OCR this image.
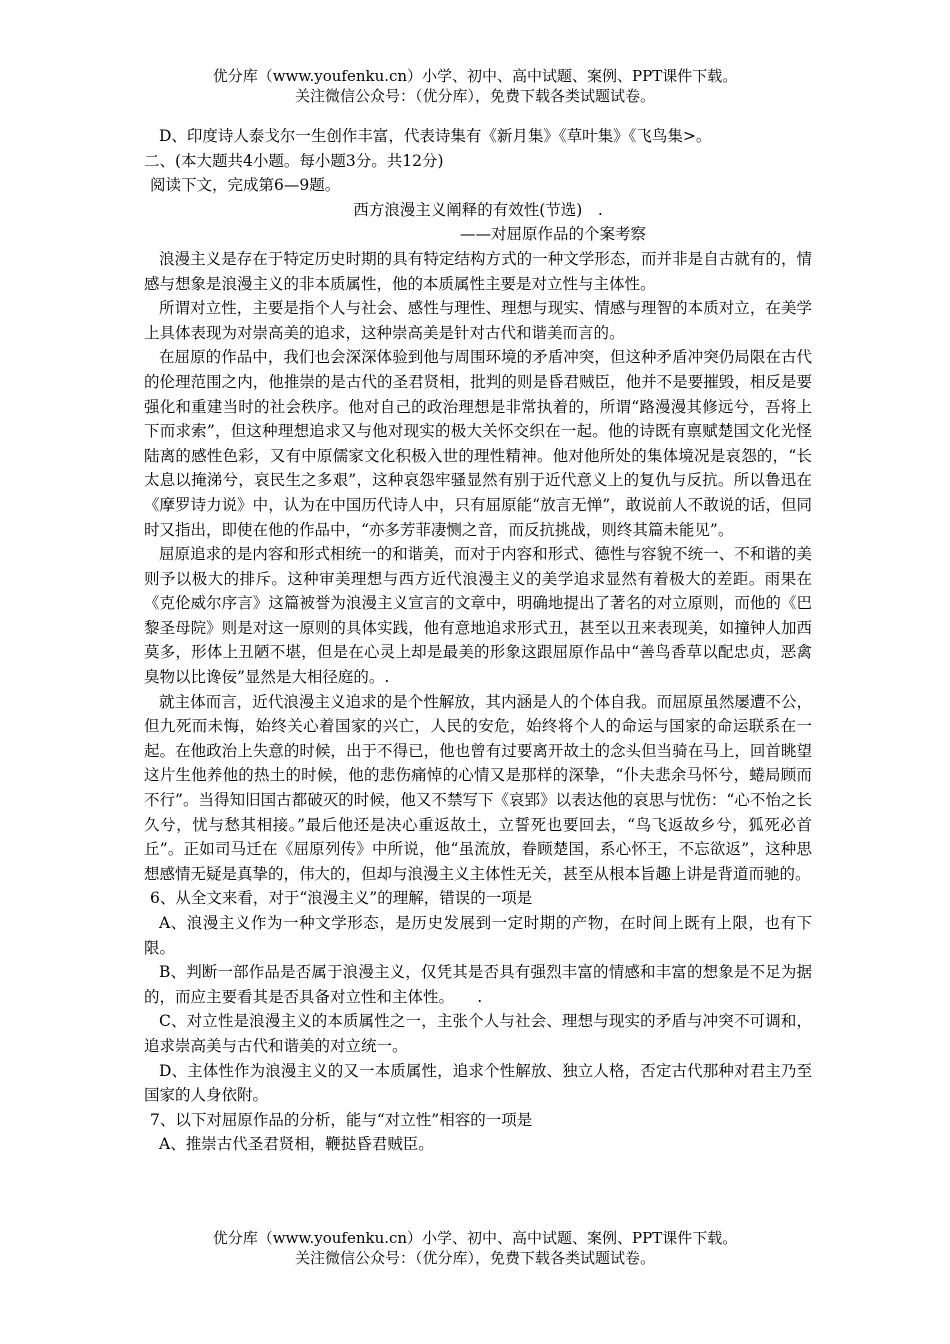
优分库（www.youfenku.cn）小学、初中、高中试题、案例、PPT课件下载。
关注微信公众号：（优分库），免费下载各类试题试卷。

D、印度诗人泰戈尔一生创作丰富，代表诗集有《新月集》《草叶集》《飞鸟集>。

二、(本大题共4小题。每小题3分。共12分)

阅读下文，完成第6—9题。

西方浪漫主义阐释的有效性(节选)　.

——对屈原作品的个案考察

浪漫主义是存在于特定历史时期的具有特定结构方式的一种文学形态，而并非是自古就有的，情感与想象是浪漫主义的非本质属性，他的本质属性主要是对立性与主体性。

所谓对立性，主要是指个人与社会、感性与理性、理想与现实、情感与理智的本质对立，在美学上具体表现为对崇高美的追求，这种崇高美是针对古代和谐美而言的。

在屈原的作品中，我们也会深深体验到他与周围环境的矛盾冲突，但这种矛盾冲突仍局限在古代的伦理范围之内，他推崇的是古代的圣君贤相，批判的则是昏君贼臣，他并不是要摧毁，相反是要强化和重建当时的社会秩序。他对自己的政治理想是非常执着的，所谓“路漫漫其修远兮，吾将上下而求索”，但这种理想追求又与他对现实的极大关怀交织在一起。他的诗既有禀赋楚国文化光怪陆离的感性色彩，又有中原儒家文化积极入世的理性精神。他对他所处的集体境况是哀怨的，“长太息以掩涕兮，哀民生之多艰”，这种哀怨牢骚显然有别于近代意义上的复仇与反抗。所以鲁迅在《摩罗诗力说》中，认为在中国历代诗人中，只有屈原能“放言无惮”，敢说前人不敢说的话，但同时又指出，即使在他的作品中，“亦多芳菲凄恻之音，而反抗挑战，则终其篇未能见”。

屈原追求的是内容和形式相统一的和谐美，而对于内容和形式、德性与容貌不统一、不和谐的美则予以极大的排斥。这种审美理想与西方近代浪漫主义的美学追求显然有着极大的差距。雨果在《克伦威尔序言》这篇被誉为浪漫主义宣言的文章中，明确地提出了著名的对立原则，而他的《巴黎圣母院》则是对这一原则的具体实践，他有意地追求形式丑，甚至以丑来表现美，如撞钟人加西莫多，形体上丑陋不堪，但是在心灵上却是最美的形象这跟屈原作品中“善鸟香草以配忠贞，恶禽臭物以比谗佞”显然是大相径庭的。.

就主体而言，近代浪漫主义追求的是个性解放，其内涵是人的个体自我。而屈原虽然屡遭不公，但九死而未悔，始终关心着国家的兴亡，人民的安危，始终将个人的命运与国家的命运联系在一起。在他政治上失意的时候，出于不得已，他也曾有过要离开故土的念头但当骑在马上，回首眺望这片生他养他的热土的时候，他的悲伤痛悼的心情又是那样的深挚，“仆夫悲余马怀兮，蜷局顾而不行”。当得知旧国古都破灭的时候，他又不禁写下《哀郢》以表达他的哀思与忧伤：“心不怡之长久兮，忧与愁其相接。”最后他还是决心重返故土，立誓死也要回去，“鸟飞返故乡兮，狐死必首丘”。正如司马迁在《屈原列传》中所说，他“虽流放，眷顾楚国，系心怀王，不忘欲返”，这种思想感情无疑是真挚的，伟大的，但却与浪漫主义主体性无关，甚至从根本旨趣上讲是背道而驰的。

6、从全文来看，对于“浪漫主义”的理解，错误的一项是

A、浪漫主义作为一种文学形态，是历史发展到一定时期的产物，在时间上既有上限，也有下 限。

B、判断一部作品是否属于浪漫主义，仅凭其是否具有强烈丰富的情感和丰富的想象是不足为据的，而应主要看其是否具备对立性和主体性。　　.

C、对立性是浪漫主义的本质属性之一，主张个人与社会、理想与现实的矛盾与冲突不可调和，追求崇高美与古代和谐美的对立统一。

D、主体性作为浪漫主义的又一本质属性，追求个性解放、独立人格，否定古代那种对君主乃至国家的人身依附。

7、以下对屈原作品的分析，能与“对立性”相容的一项是

A、推崇古代圣君贤相，鞭挞昏君贼臣。

优分库（www.youfenku.cn）小学、初中、高中试题、案例、PPT课件下载。
关注微信公众号：（优分库），免费下载各类试题试卷。
